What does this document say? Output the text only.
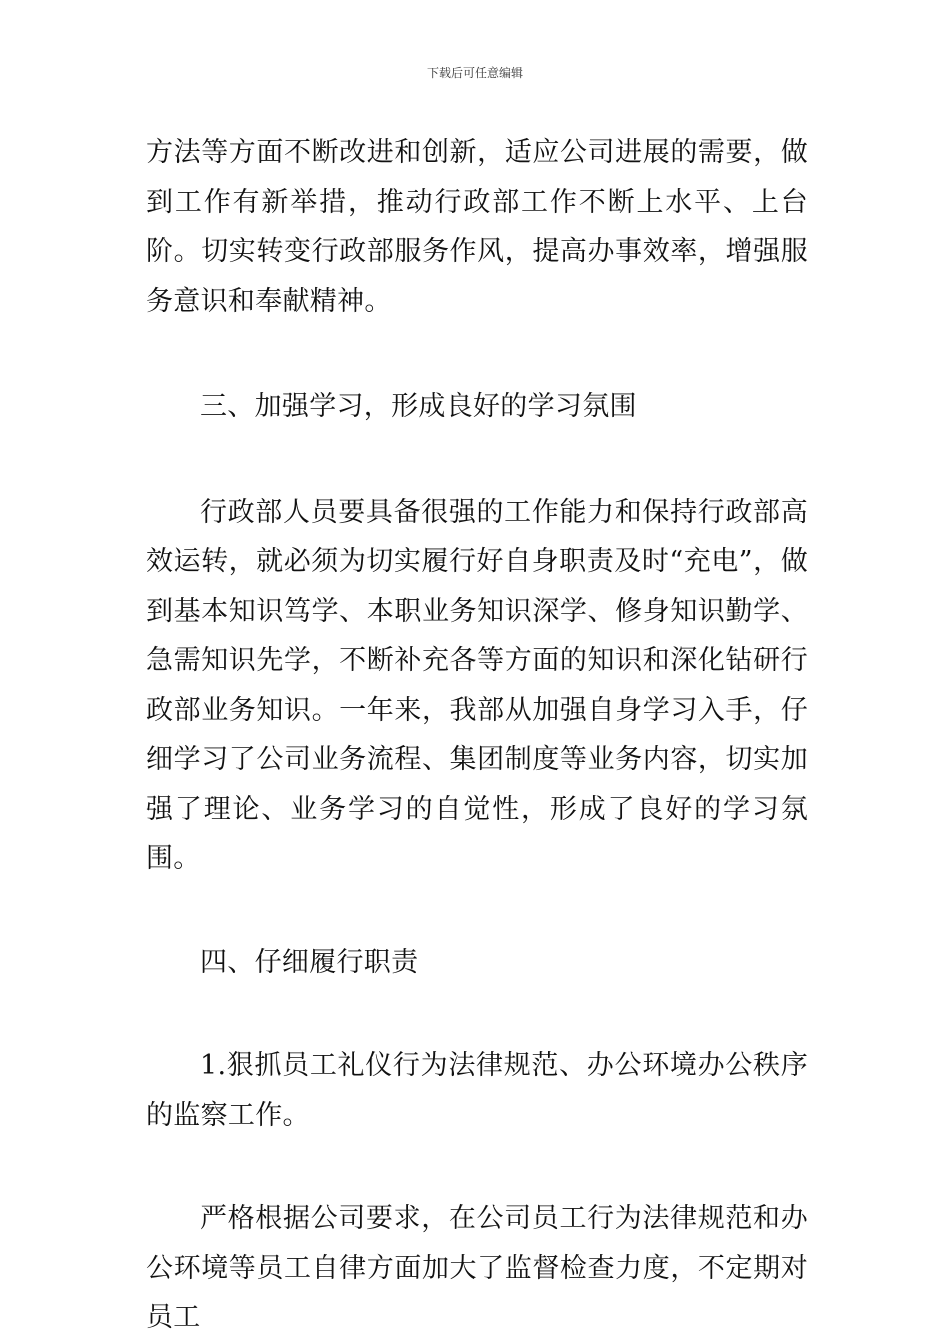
下载后可任意编辑

方法等方面不断改进和创新，适应公司进展的需要，做到工作有新举措，推动行政部工作不断上水平、上台阶。切实转变行政部服务作风，提高办事效率，增强服务意识和奉献精神。

三、加强学习，形成良好的学习氛围

行政部人员要具备很强的工作能力和保持行政部高效运转，就必须为切实履行好自身职责及时“充电”，做到基本知识笃学、本职业务知识深学、修身知识勤学、急需知识先学，不断补充各等方面的知识和深化钻研行政部业务知识。一年来，我部从加强自身学习入手，仔细学习了公司业务流程、集团制度等业务内容，切实加强了理论、业务学习的自觉性，形成了良好的学习氛围。

四、仔细履行职责

1.狠抓员工礼仪行为法律规范、办公环境办公秩序的监察工作。

严格根据公司要求，在公司员工行为法律规范和办公环境等员工自律方面加大了监督检查力度，不定期对员工
